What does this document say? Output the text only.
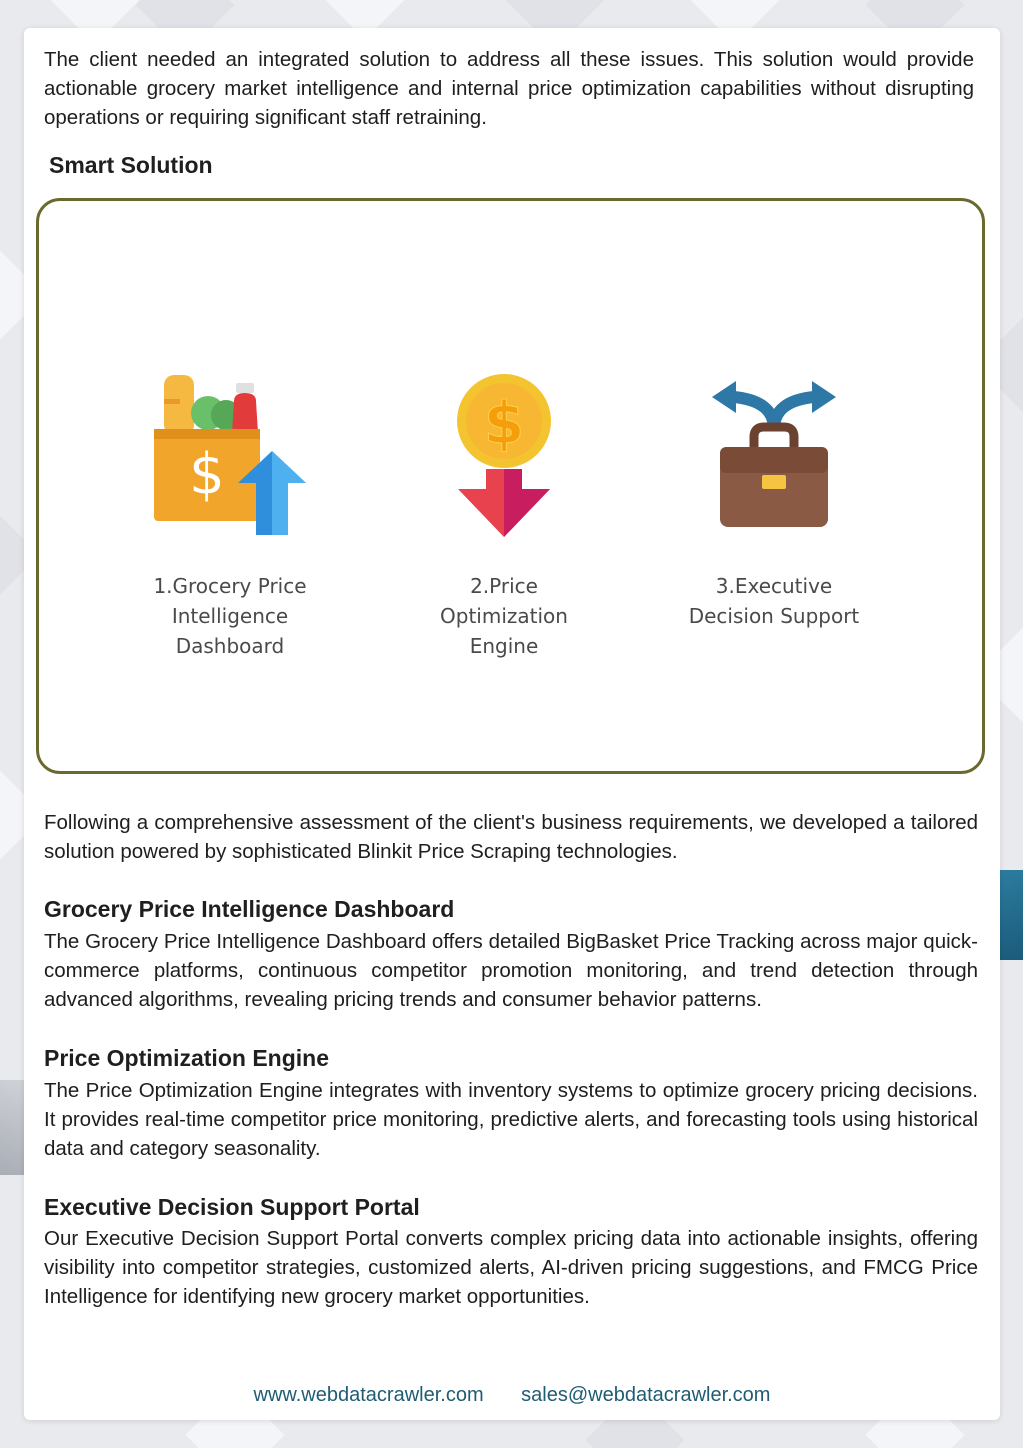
The client needed an integrated solution to address all these issues. This solution would provide actionable grocery market intelligence and internal price optimization capabilities without disrupting operations or requiring significant staff retraining.
Smart Solution
$
1.Grocery Price Intelligence Dashboard
$
2.Price Optimization Engine
3.Executive Decision Support
Following a comprehensive assessment of the client's business requirements, we developed a tailored solution powered by sophisticated Blinkit Price Scraping technologies.
Grocery Price Intelligence Dashboard
The Grocery Price Intelligence Dashboard offers detailed BigBasket Price Tracking across major quick-commerce platforms, continuous competitor promotion monitoring, and trend detection through advanced algorithms, revealing pricing trends and consumer behavior patterns.
Price Optimization Engine
The Price Optimization Engine integrates with inventory systems to optimize grocery pricing decisions. It provides real-time competitor price monitoring, predictive alerts, and forecasting tools using historical data and category seasonality.
Executive Decision Support Portal
Our Executive Decision Support Portal converts complex pricing data into actionable insights, offering visibility into competitor strategies, customized alerts, AI-driven pricing suggestions, and FMCG Price Intelligence for identifying new grocery market opportunities.
www.webdatacrawler.com sales@webdatacrawler.com
